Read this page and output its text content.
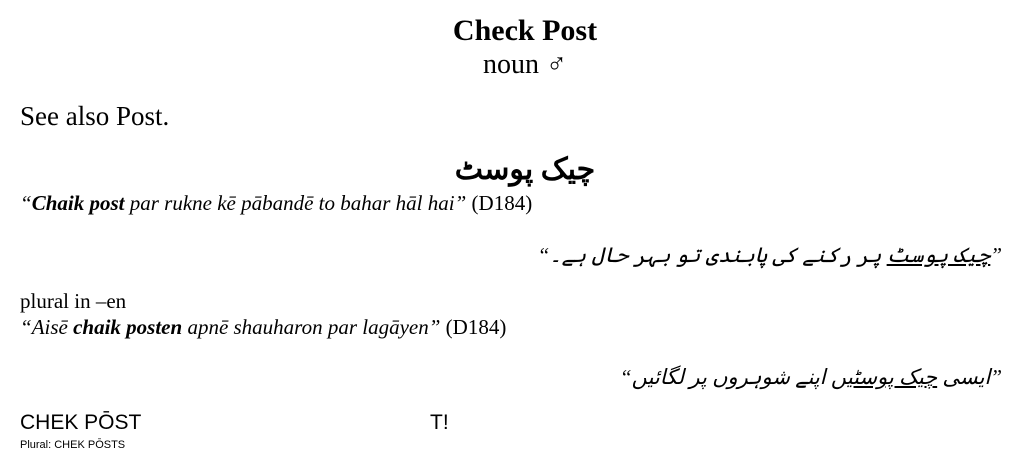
Check Post
noun ♂
See also Post.
چیک پوسٹ
“Chaik post par rukne kē pābandē to bahar hāl hai” (D184)
”چیک پوسٹ پر رکنے کی پابندی تو بہر حال ہے۔“
plural in –en
“Aisē chaik posten apnē shauharon par lagāyen” (D184)
”ایسی چیک پوسٹیں اپنے شوہروں پر لگائیں“
CHEK PŌST	T!
Plural: CHEK PŌSTS
